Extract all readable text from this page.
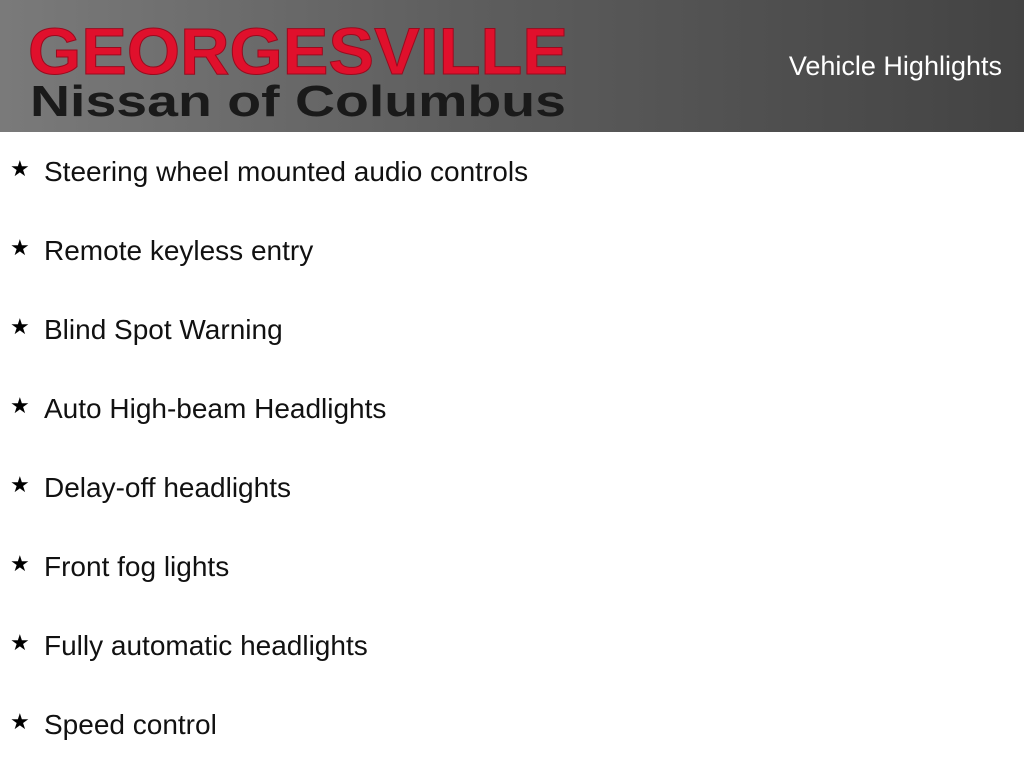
GEORGESVILLE
Nissan of Columbus
Vehicle Highlights
★ Steering wheel mounted audio controls
★ Remote keyless entry
★ Blind Spot Warning
★ Auto High-beam Headlights
★ Delay-off headlights
★ Front fog lights
★ Fully automatic headlights
★ Speed control
